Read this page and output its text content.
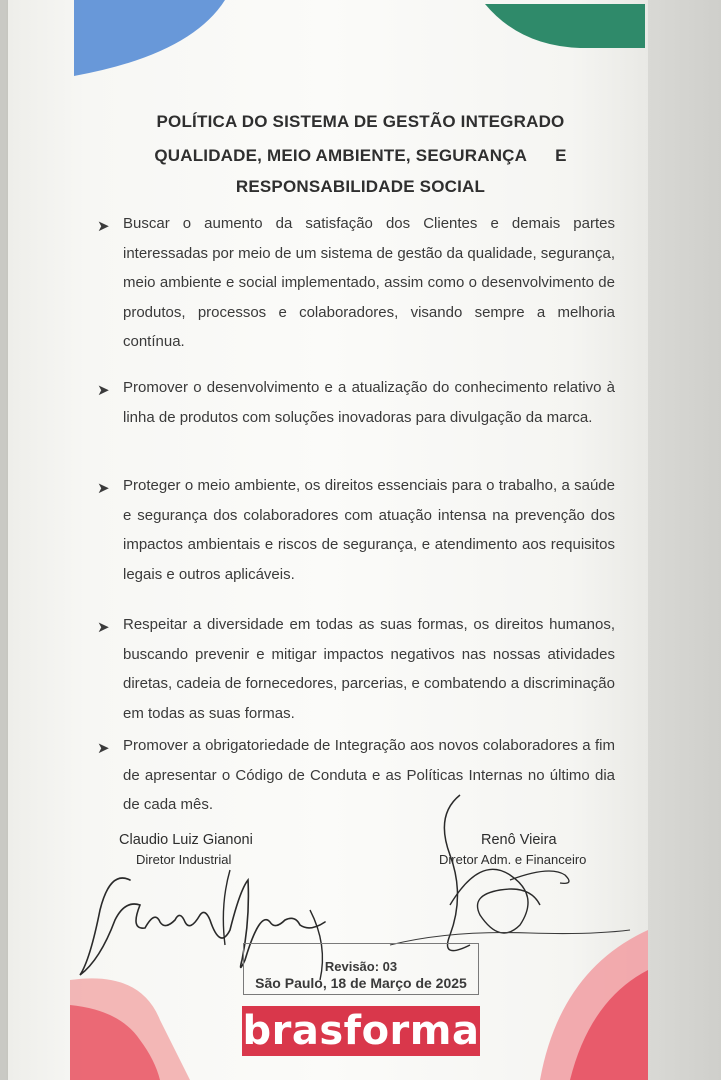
POLÍTICA DO SISTEMA DE GESTÃO INTEGRADO
QUALIDADE, MEIO AMBIENTE, SEGURANÇA E
RESPONSABILIDADE SOCIAL
➤ Buscar o aumento da satisfação dos Clientes e demais partes interessadas por meio de um sistema de gestão da qualidade, segurança, meio ambiente e social implementado, assim como o desenvolvimento de produtos, processos e colaboradores, visando sempre a melhoria contínua.
➤ Promover o desenvolvimento e a atualização do conhecimento relativo à linha de produtos com soluções inovadoras para divulgação da marca.
➤ Proteger o meio ambiente, os direitos essenciais para o trabalho, a saúde e segurança dos colaboradores com atuação intensa na prevenção dos impactos ambientais e riscos de segurança, e atendimento aos requisitos legais e outros aplicáveis.
➤ Respeitar a diversidade em todas as suas formas, os direitos humanos, buscando prevenir e mitigar impactos negativos nas nossas atividades diretas, cadeia de fornecedores, parcerias, e combatendo a discriminação em todas as suas formas.
➤ Promover a obrigatoriedade de Integração aos novos colaboradores a fim de apresentar o Código de Conduta e as Políticas Internas no último dia de cada mês.
Claudio Luiz Gianoni
Diretor Industrial
Renô Vieira
Diretor Adm. e Financeiro
Revisão: 03
São Paulo, 18 de Março de 2025
brasforma
